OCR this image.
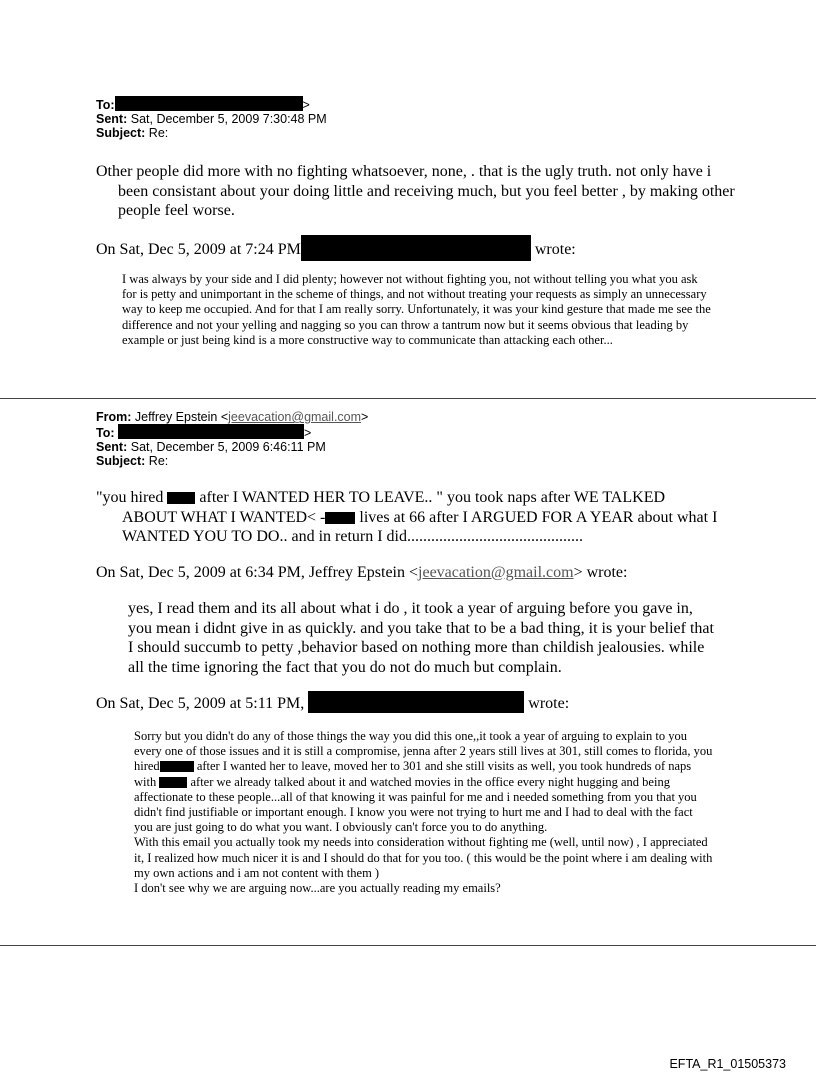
To:	>
Sent: Sat, December 5, 2009 7:30:48 PM
Subject: Re:
Other people did more with no fighting whatsoever, none, . that is the ugly truth. not only have i been consistant about your doing little and receiving much, but you feel better , by making other people feel worse.
On Sat, Dec 5, 2009 at 7:24 PM	wrote:
I was always by your side and I did plenty; however not without fighting you, not without telling you what you ask for is petty and unimportant in the scheme of things, and not without treating your requests as simply an unnecessary way to keep me occupied. And for that I am really sorry. Unfortunately, it was your kind gesture that made me see the difference and not your yelling and nagging so you can throw a tantrum now but it seems obvious that leading by example or just being kind is a more constructive way to communicate than attacking each other...
From: Jeffrey Epstein <jeevacation@gmail.com>
To:	>
Sent: Sat, December 5, 2009 6:46:11 PM
Subject: Re:
"you hired after I WANTED HER TO LEAVE.. " you took naps after WE TALKED ABOUT WHAT I WANTED< - lives at 66 after I ARGUED FOR A YEAR about what I WANTED YOU TO DO.. and in return I did............................................
On Sat, Dec 5, 2009 at 6:34 PM, Jeffrey Epstein <jeevacation@gmail.com> wrote:
yes, I read them and its all about what i do , it took a year of arguing before you gave in, you mean i didnt give in as quickly. and you take that to be a bad thing, it is your belief that I should succumb to petty ,behavior based on nothing more than childish jealousies. while all the time ignoring the fact that you do not do much but complain.
On Sat, Dec 5, 2009 at 5:11 PM,	wrote:
Sorry but you didn't do any of those things the way you did this one,,it took a year of arguing to explain to you every one of those issues and it is still a compromise, jenna after 2 years still lives at 301, still comes to florida, you hired	after I wanted her to leave, moved her to 301 and she still visits as well, you took hundreds of naps with	after we already talked about it and watched movies in the office every night hugging and being affectionate to these people...all of that knowing it was painful for me and i needed something from you that you didn't find justifiable or important enough. I know you were not trying to hurt me and I had to deal with the fact you are just going to do what you want. I obviously can't force you to do anything.
With this email you actually took my needs into consideration without fighting me (well, until now) , I appreciated it, I realized how much nicer it is and I should do that for you too. ( this would be the point where i am dealing with my own actions and i am not content with them )
I don't see why we are arguing now...are you actually reading my emails?
EFTA_R1_01505373
